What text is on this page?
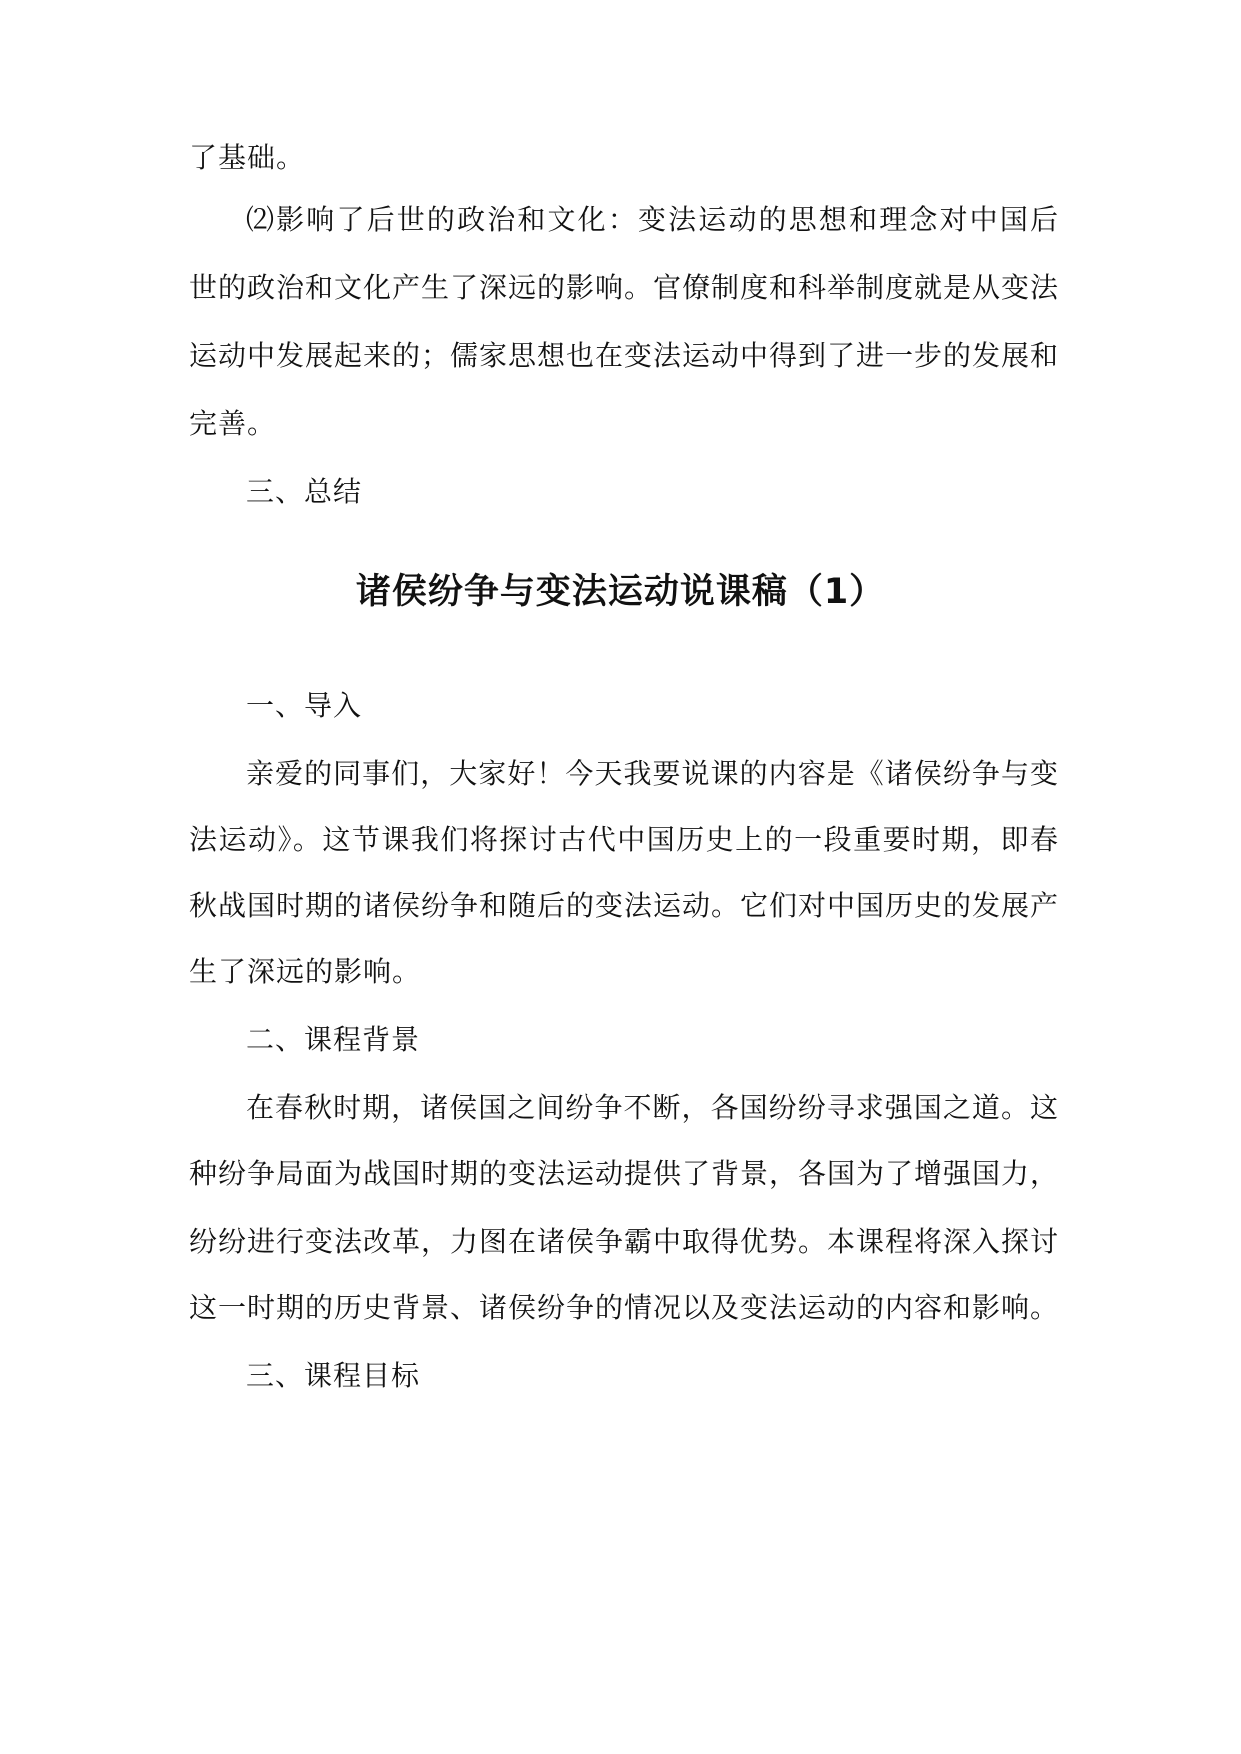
了基础。
⑵影响了后世的政治和文化：变法运动的思想和理念对中国后
世的政治和文化产生了深远的影响。官僚制度和科举制度就是从变法
运动中发展起来的；儒家思想也在变法运动中得到了进一步的发展和
完善。
三、总结
诸侯纷争与变法运动说课稿（1）
一、导入
亲爱的同事们，大家好！今天我要说课的内容是《诸侯纷争与变
法运动》。这节课我们将探讨古代中国历史上的一段重要时期，即春
秋战国时期的诸侯纷争和随后的变法运动。它们对中国历史的发展产
生了深远的影响。
二、课程背景
在春秋时期，诸侯国之间纷争不断，各国纷纷寻求强国之道。这
种纷争局面为战国时期的变法运动提供了背景，各国为了增强国力，
纷纷进行变法改革，力图在诸侯争霸中取得优势。本课程将深入探讨
这一时期的历史背景、诸侯纷争的情况以及变法运动的内容和影响。
三、课程目标
